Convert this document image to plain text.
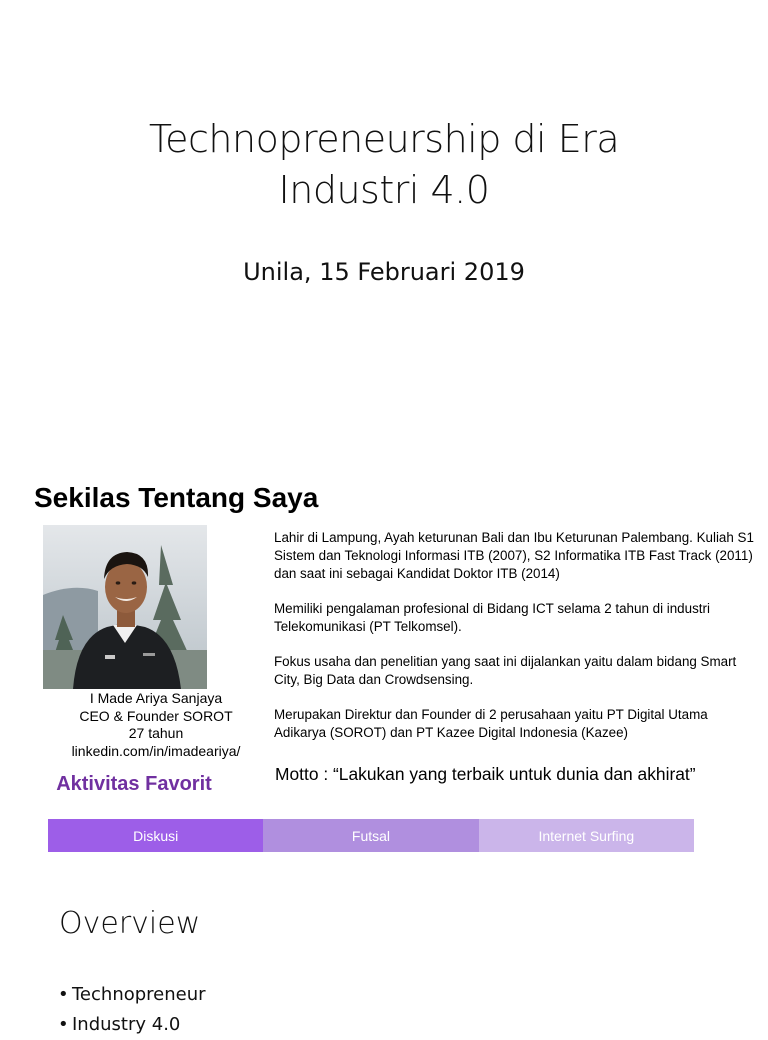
Technopreneurship di Era
Industri 4.0
Unila, 15 Februari 2019
Sekilas Tentang Saya
I Made Ariya Sanjaya
CEO & Founder SOROT
27 tahun
linkedin.com/in/imadeariya/
Aktivitas Favorit

Lahir di Lampung, Ayah keturunan Bali dan Ibu Keturunan Palembang. Kuliah S1 Sistem dan Teknologi Informasi ITB (2007), S2 Informatika ITB Fast Track (2011) dan saat ini sebagai Kandidat Doktor ITB (2014)

Memiliki pengalaman profesional di Bidang ICT selama 2 tahun di industri Telekomunikasi (PT Telkomsel).

Fokus usaha dan penelitian yang saat ini dijalankan yaitu dalam bidang Smart City, Big Data dan Crowdsensing.

Merupakan Direktur dan Founder di 2 perusahaan yaitu PT Digital Utama Adikarya (SOROT) dan PT Kazee Digital Indonesia (Kazee)

Motto : “Lakukan yang terbaik untuk dunia dan akhirat”
Diskusi	Futsal	Internet Surfing
Overview
• Technopreneur
• Industry 4.0
